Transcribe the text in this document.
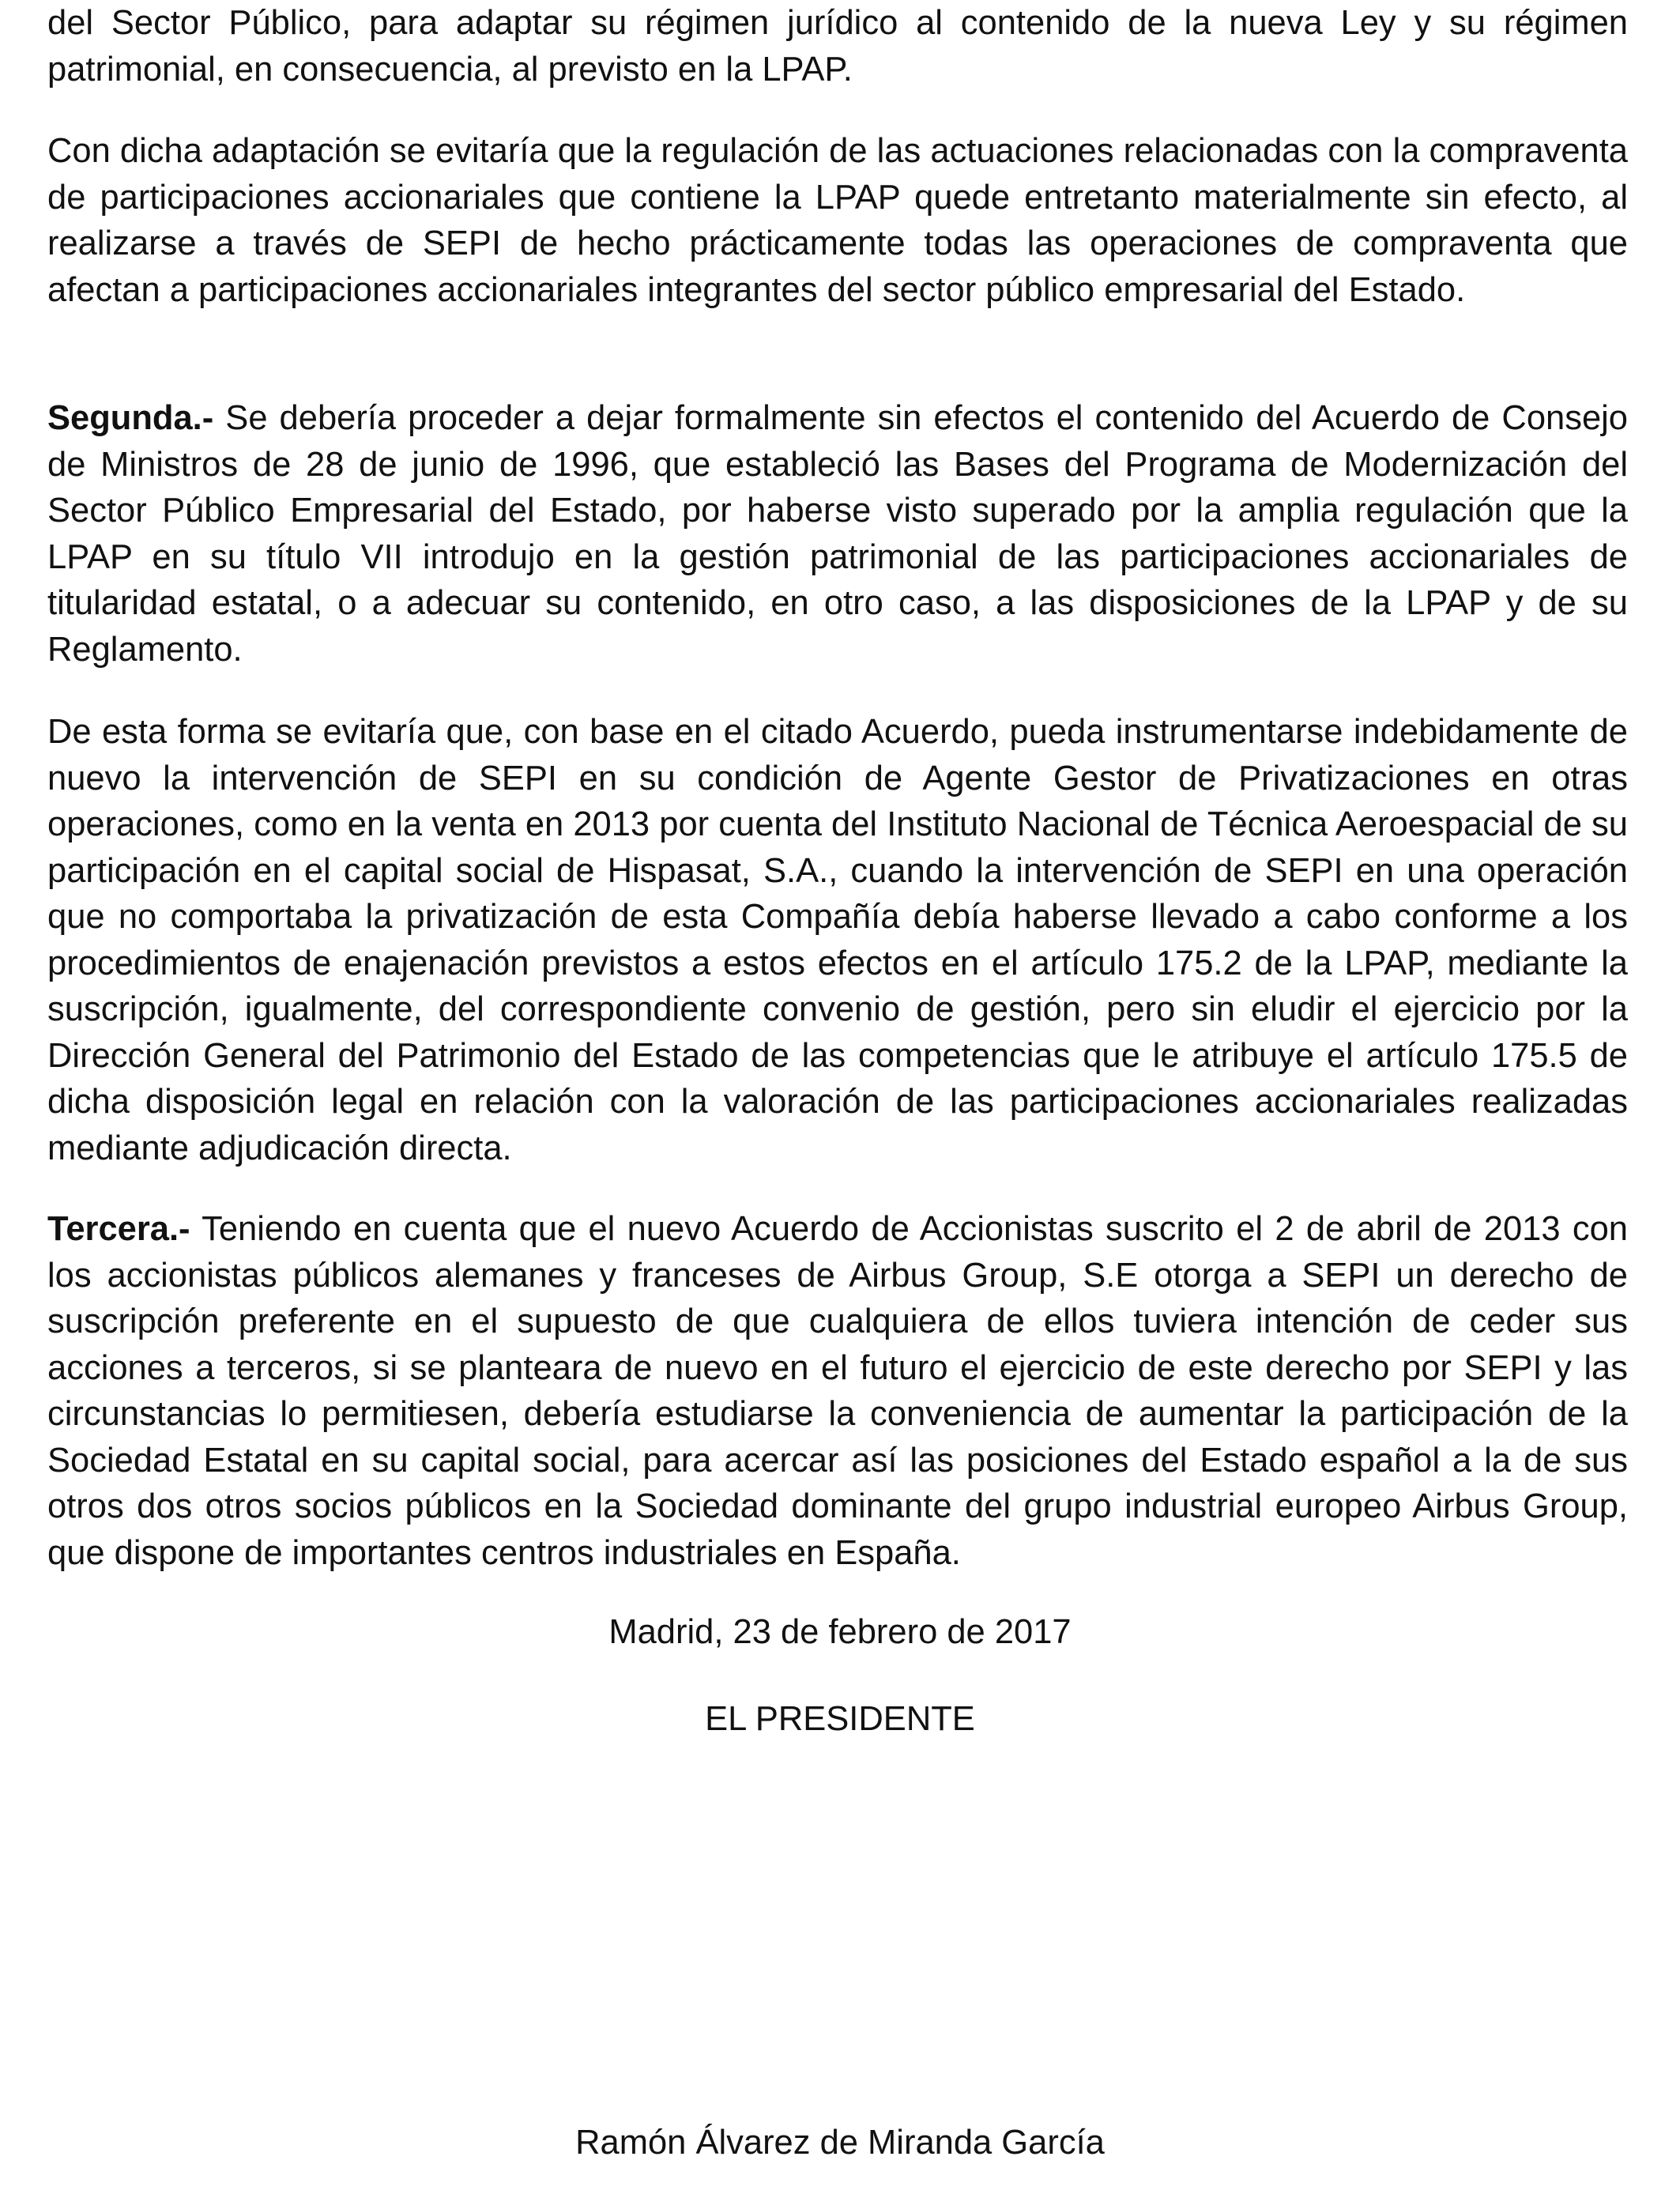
del Sector Público, para adaptar su régimen jurídico al contenido de la nueva Ley y su régimen patrimonial, en consecuencia, al previsto en la LPAP.

Con dicha adaptación se evitaría que la regulación de las actuaciones relacionadas con la compraventa de participaciones accionariales que contiene la LPAP quede entretanto materialmente sin efecto, al realizarse a través de SEPI de hecho prácticamente todas las operaciones de compraventa que afectan a participaciones accionariales integrantes del sector público empresarial del Estado.

Segunda.- Se debería proceder a dejar formalmente sin efectos el contenido del Acuerdo de Consejo de Ministros de 28 de junio de 1996, que estableció las Bases del Programa de Modernización del Sector Público Empresarial del Estado, por haberse visto superado por la amplia regulación que la LPAP en su título VII introdujo en la gestión patrimonial de las participaciones accionariales de titularidad estatal, o a adecuar su contenido, en otro caso, a las disposiciones de la LPAP y de su Reglamento.

De esta forma se evitaría que, con base en el citado Acuerdo, pueda instrumentarse indebidamente de nuevo la intervención de SEPI en su condición de Agente Gestor de Privatizaciones en otras operaciones, como en la venta en 2013 por cuenta del Instituto Nacional de Técnica Aeroespacial de su participación en el capital social de Hispasat, S.A., cuando la intervención de SEPI en una operación que no comportaba la privatización de esta Compañía debía haberse llevado a cabo conforme a los procedimientos de enajenación previstos a estos efectos en el artículo 175.2 de la LPAP, mediante la suscripción, igualmente, del correspondiente convenio de gestión, pero sin eludir el ejercicio por la Dirección General del Patrimonio del Estado de las competencias que le atribuye el artículo 175.5 de dicha disposición legal en relación con la valoración de las participaciones accionariales realizadas mediante adjudicación directa.

Tercera.- Teniendo en cuenta que el nuevo Acuerdo de Accionistas suscrito el 2 de abril de 2013 con los accionistas públicos alemanes y franceses de Airbus Group, S.E otorga a SEPI un derecho de suscripción preferente en el supuesto de que cualquiera de ellos tuviera intención de ceder sus acciones a terceros, si se planteara de nuevo en el futuro el ejercicio de este derecho por SEPI y las circunstancias lo permitiesen, debería estudiarse la conveniencia de aumentar la participación de la Sociedad Estatal en su capital social, para acercar así las posiciones del Estado español a la de sus otros dos otros socios públicos en la Sociedad dominante del grupo industrial europeo Airbus Group, que dispone de importantes centros industriales en España.

Madrid, 23 de febrero de 2017
EL PRESIDENTE
Ramón Álvarez de Miranda García
